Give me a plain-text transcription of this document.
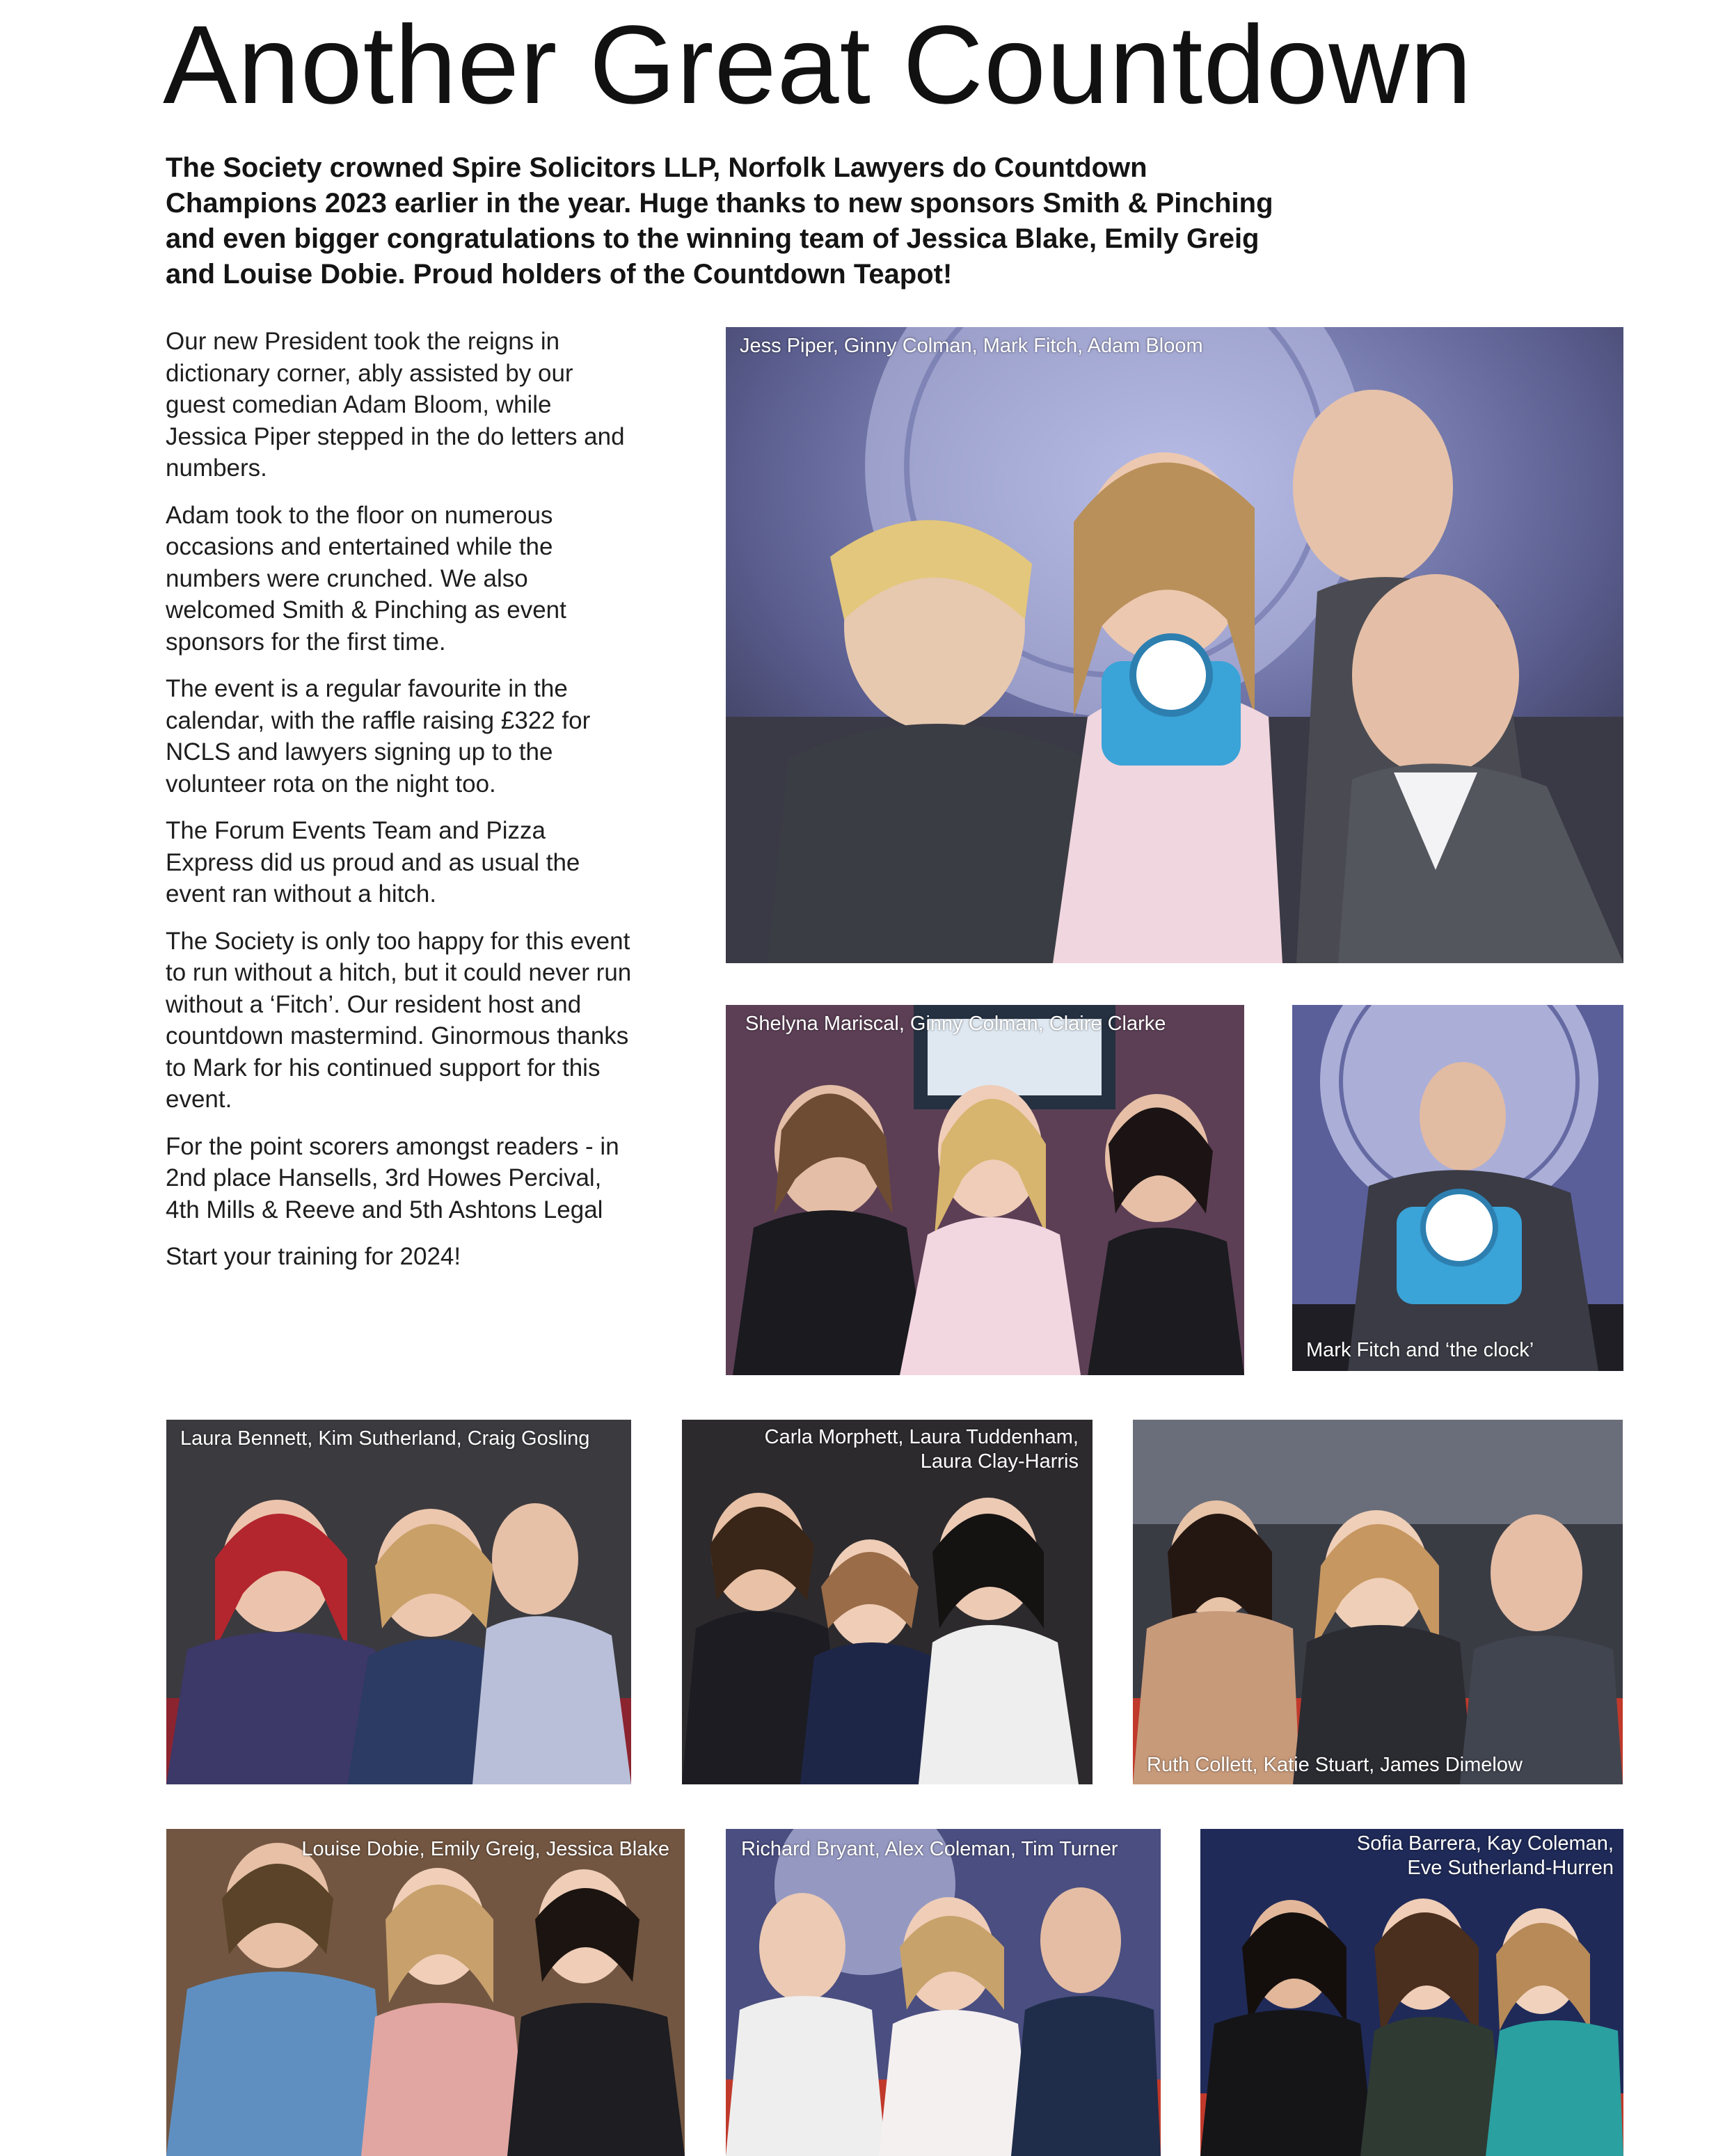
Another Great Countdown
The Society crowned Spire Solicitors LLP, Norfolk Lawyers do Countdown
Champions 2023 earlier in the year. Huge thanks to new sponsors Smith & Pinching
and even bigger congratulations to the winning team of Jessica Blake, Emily Greig
and Louise Dobie. Proud holders of the Countdown Teapot!

Our new President took the reigns in dictionary corner, ably assisted by our guest comedian Adam Bloom, while Jessica Piper stepped in the do letters and numbers.

Adam took to the floor on numerous occasions and entertained while the numbers were crunched. We also welcomed Smith & Pinching as event sponsors for the first time.

The event is a regular favourite in the calendar, with the raffle raising £322 for NCLS and lawyers signing up to the volunteer rota on the night too.

The Forum Events Team and Pizza Express did us proud and as usual the event ran without a hitch.

The Society is only too happy for this event to run without a hitch, but it could never run without a ‘Fitch’. Our resident host and countdown mastermind. Ginormous thanks to Mark for his continued support for this event.

For the point scorers amongst readers - in 2nd place Hansells, 3rd Howes Percival, 4th Mills & Reeve and 5th Ashtons Legal

Start your training for 2024!

Jess Piper, Ginny Colman, Mark Fitch, Adam Bloom
Shelyna Mariscal, Ginny Colman, Claire Clarke
Mark Fitch and ‘the clock’
Laura Bennett, Kim Sutherland, Craig Gosling	Carla Morphett, Laura Tuddenham,
Laura Clay-Harris
Ruth Collett, Katie Stuart, James Dimelow
Louise Dobie, Emily Greig, Jessica Blake	Richard Bryant, Alex Coleman, Tim Turner	Sofia Barrera, Kay Coleman,
Eve Sutherland-Hurren
